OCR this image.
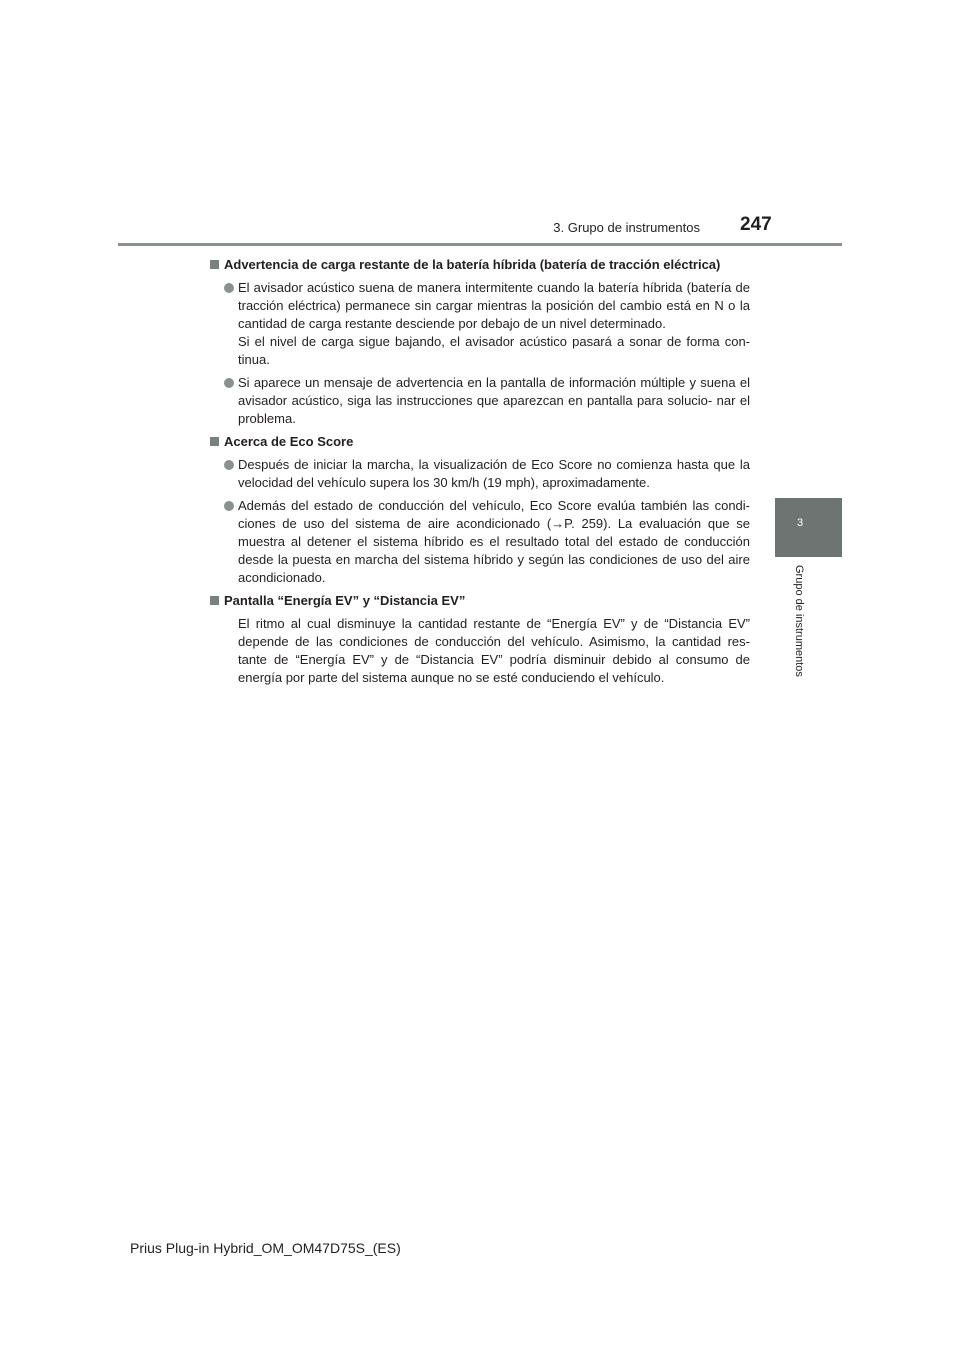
3. Grupo de instrumentos 247
3
Grupo de instrumentos
Advertencia de carga restante de la batería híbrida (batería de tracción eléctrica)
El avisador acústico suena de manera intermitente cuando la batería híbrida (batería de tracción eléctrica) permanece sin cargar mientras la posición del cambio está en N o la cantidad de carga restante desciende por debajo de un nivel determinado.
Si el nivel de carga sigue bajando, el avisador acústico pasará a sonar de forma con- tinua.
Si aparece un mensaje de advertencia en la pantalla de información múltiple y suena el avisador acústico, siga las instrucciones que aparezcan en pantalla para solucio- nar el problema.
Acerca de Eco Score
Después de iniciar la marcha, la visualización de Eco Score no comienza hasta que la velocidad del vehículo supera los 30 km/h (19 mph), aproximadamente.
Además del estado de conducción del vehículo, Eco Score evalúa también las condi- ciones de uso del sistema de aire acondicionado (→P. 259). La evaluación que se muestra al detener el sistema híbrido es el resultado total del estado de conducción desde la puesta en marcha del sistema híbrido y según las condiciones de uso del aire acondicionado.
Pantalla “Energía EV” y “Distancia EV”
El ritmo al cual disminuye la cantidad restante de “Energía EV” y de “Distancia EV” depende de las condiciones de conducción del vehículo. Asimismo, la cantidad res- tante de “Energía EV” y de “Distancia EV” podría disminuir debido al consumo de energía por parte del sistema aunque no se esté conduciendo el vehículo.
Prius Plug-in Hybrid_OM_OM47D75S_(ES)
